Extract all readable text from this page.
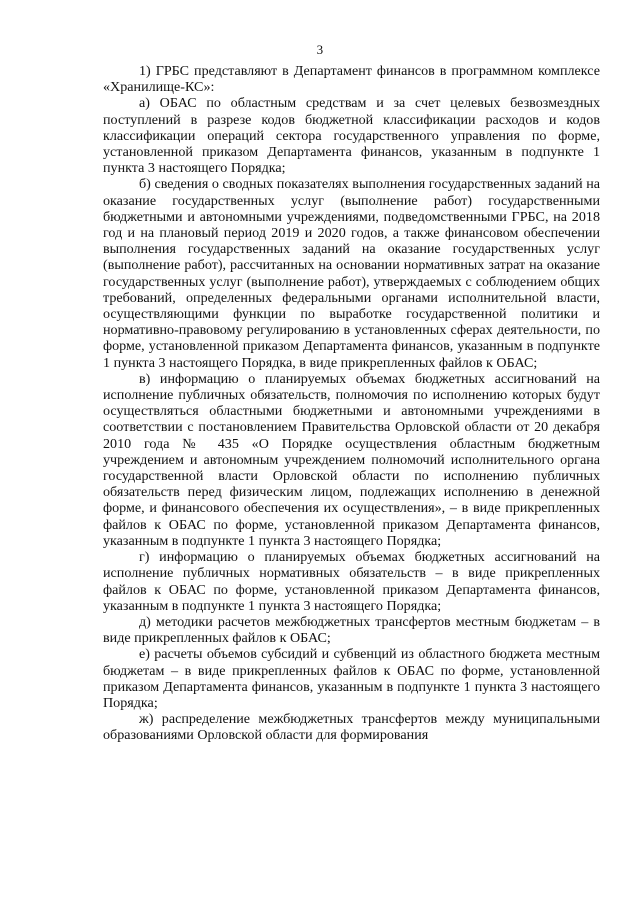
3

1) ГРБС представляют в Департамент финансов в программном комплексе «Хранилище-КС»:

а) ОБАС по областным средствам и за счет целевых безвозмездных поступлений в разрезе кодов бюджетной классификации расходов и кодов классификации операций сектора государственного управления по форме, установленной приказом Департамента финансов, указанным в подпункте 1 пункта 3 настоящего Порядка;

б) сведения о сводных показателях выполнения государственных заданий на оказание государственных услуг (выполнение работ) государственными бюджетными и автономными учреждениями, подведомственными ГРБС, на 2018 год и на плановый период 2019 и 2020 годов, а также финансовом обеспечении выполнения государственных заданий на оказание государственных услуг (выполнение работ), рассчитанных на основании нормативных затрат на оказание государственных услуг (выполнение работ), утверждаемых с соблюдением общих требований, определенных федеральными органами исполнительной власти, осуществляющими функции по выработке государственной политики и нормативно-правовому регулированию в установленных сферах деятельности, по форме, установленной приказом Департамента финансов, указанным в подпункте 1 пункта 3 настоящего Порядка, в виде прикрепленных файлов к ОБАС;

в) информацию о планируемых объемах бюджетных ассигнований на исполнение публичных обязательств, полномочия по исполнению которых будут осуществляться областными бюджетными и автономными учреждениями в соответствии с постановлением Правительства Орловской области от 20 декабря 2010 года № 435 «О Порядке осуществления областным бюджетным учреждением и автономным учреждением полномочий исполнительного органа государственной власти Орловской области по исполнению публичных обязательств перед физическим лицом, подлежащих исполнению в денежной форме, и финансового обеспечения их осуществления», – в виде прикрепленных файлов к ОБАС по форме, установленной приказом Департамента финансов, указанным в подпункте 1 пункта 3 настоящего Порядка;

г) информацию о планируемых объемах бюджетных ассигнований на исполнение публичных нормативных обязательств – в виде прикрепленных файлов к ОБАС по форме, установленной приказом Департамента финансов, указанным в подпункте 1 пункта 3 настоящего Порядка;

д) методики расчетов межбюджетных трансфертов местным бюджетам – в виде прикрепленных файлов к ОБАС;

е) расчеты объемов субсидий и субвенций из областного бюджета местным бюджетам – в виде прикрепленных файлов к ОБАС по форме, установленной приказом Департамента финансов, указанным в подпункте 1 пункта 3 настоящего Порядка;

ж) распределение межбюджетных трансфертов между муниципальными образованиями Орловской области для формирования
